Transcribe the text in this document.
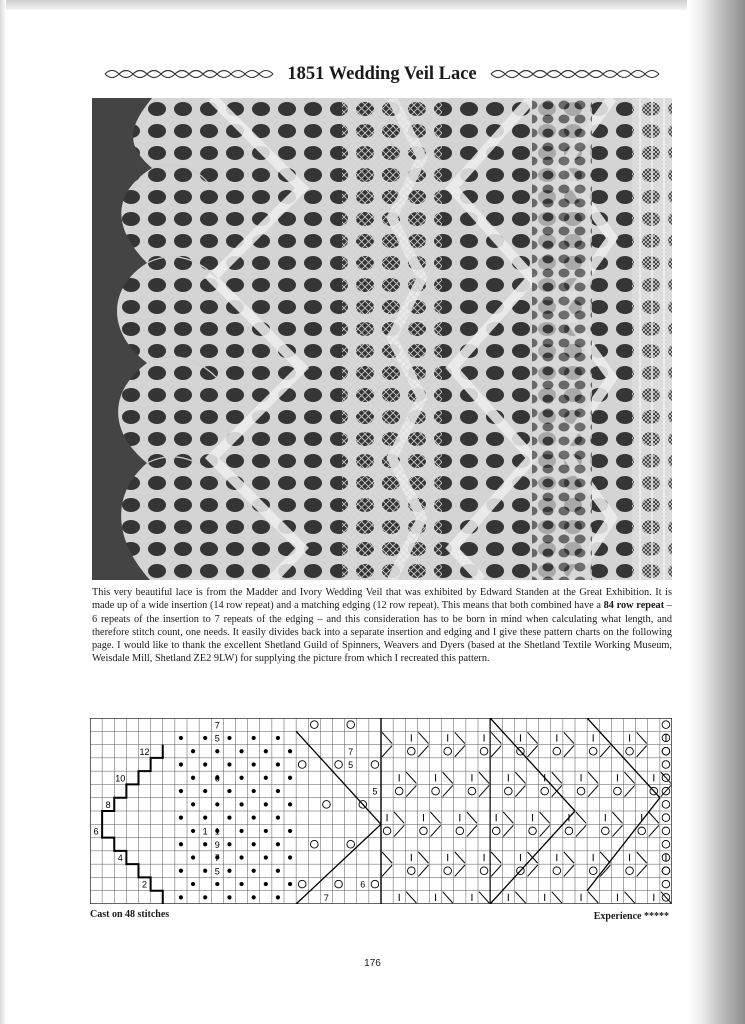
1851 Wedding Veil Lace

This very beautiful lace is from the Madder and Ivory Wedding Veil that was exhibited by Edward Standen at the Great Exhibition. It is made up of a wide insertion (14 row repeat) and a matching edging (12 row repeat). This means that both combined have a 84 row repeat – 6 repeats of the insertion to 7 repeats of the edging – and this consideration has to be born in mind when calculating what length, and therefore stitch count, one needs. It easily divides back into a separate insertion and edging and I give these pattern charts on the following page. I would like to thank the excellent Shetland Guild of Spinners, Weavers and Dyers (based at the Shetland Textile Working Museum, Weisdale Mill, Shetland ZE2 9LW) for supplying the picture from which I recreated this pattern.

12
10
8
6
4
2
7
5
6
1 1
9
7
5
7
5
5
6
7
Cast on 48 stitches	Experience *****
176
